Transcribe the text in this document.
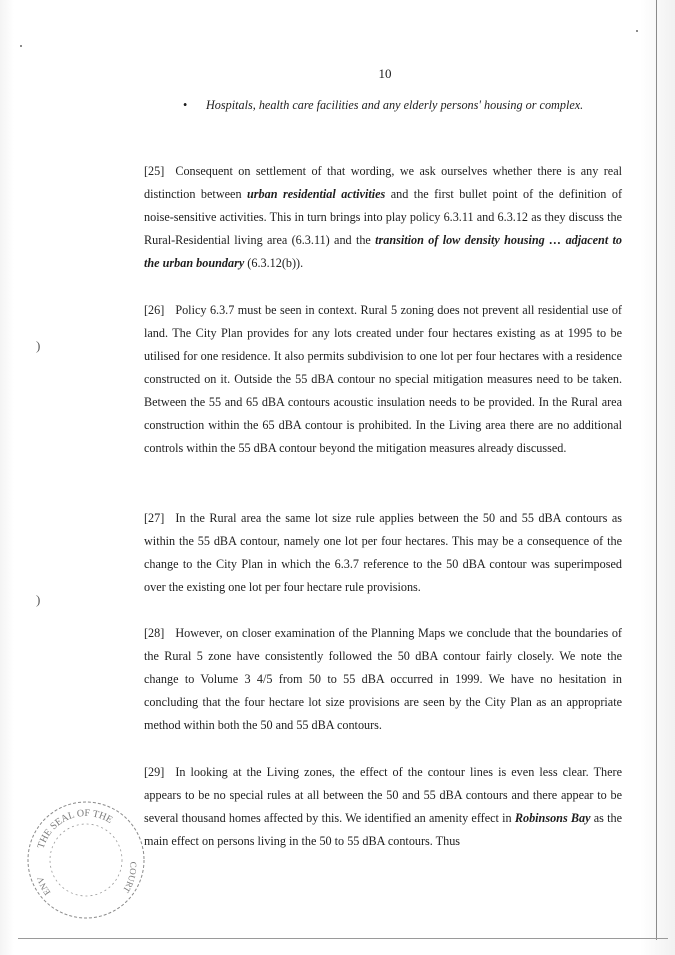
10
• Hospitals, health care facilities and any elderly persons' housing or complex.

[25] Consequent on settlement of that wording, we ask ourselves whether there is any real distinction between urban residential activities and the first bullet point of the definition of noise-sensitive activities. This in turn brings into play policy 6.3.11 and 6.3.12 as they discuss the Rural-Residential living area (6.3.11) and the transition of low density housing … adjacent to the urban boundary (6.3.12(b)).

[26] Policy 6.3.7 must be seen in context. Rural 5 zoning does not prevent all residential use of land. The City Plan provides for any lots created under four hectares existing as at 1995 to be utilised for one residence. It also permits subdivision to one lot per four hectares with a residence constructed on it. Outside the 55 dBA contour no special mitigation measures need to be taken. Between the 55 and 65 dBA contours acoustic insulation needs to be provided. In the Rural area construction within the 65 dBA contour is prohibited. In the Living area there are no additional controls within the 55 dBA contour beyond the mitigation measures already discussed.

[27] In the Rural area the same lot size rule applies between the 50 and 55 dBA contours as within the 55 dBA contour, namely one lot per four hectares. This may be a consequence of the change to the City Plan in which the 6.3.7 reference to the 50 dBA contour was superimposed over the existing one lot per four hectare rule provisions.

[28] However, on closer examination of the Planning Maps we conclude that the boundaries of the Rural 5 zone have consistently followed the 50 dBA contour fairly closely. We note the change to Volume 3 4/5 from 50 to 55 dBA occurred in 1999. We have no hesitation in concluding that the four hectare lot size provisions are seen by the City Plan as an appropriate method within both the 50 and 55 dBA contours.

[29] In looking at the Living zones, the effect of the contour lines is even less clear. There appears to be no special rules at all between the 50 and 55 dBA contours and there appear to be several thousand homes affected by this. We identified an amenity effect in Robinsons Bay as the main effect on persons living in the 50 to 55 dBA contours. Thus

)
)
THE SEAL OF THE
ENV
COURT
